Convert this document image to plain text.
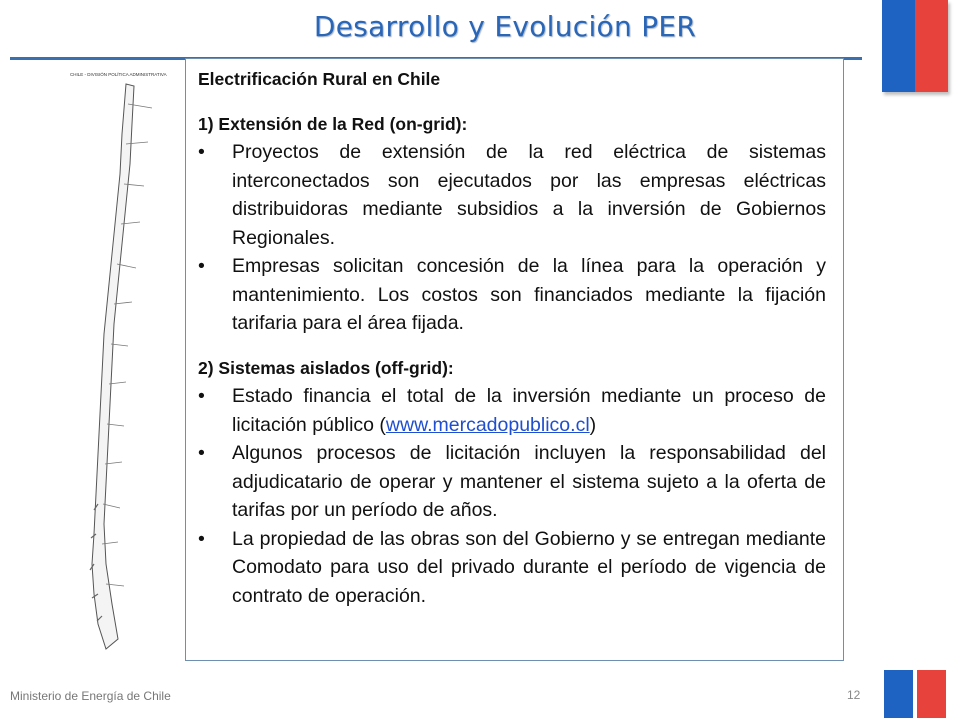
Desarrollo y Evolución PER
CHILE - DIVISIÓN POLÍTICA ADMINISTRATIVA Electrificación Rural en Chile

1) Extensión de la Red (on-grid):

• Proyectos de extensión de la red eléctrica de sistemas interconectados son ejecutados por las empresas eléctricas distribuidoras mediante subsidios a la inversión de Gobiernos Regionales.
• Empresas solicitan concesión de la línea para la operación y mantenimiento. Los costos son financiados mediante la fijación tarifaria para el área fijada.

2) Sistemas aislados (off-grid):

• Estado financia el total de la inversión mediante un proceso de licitación público (www.mercadopublico.cl)
• Algunos procesos de licitación incluyen la responsabilidad del adjudicatario de operar y mantener el sistema sujeto a la oferta de tarifas por un período de años.
• La propiedad de las obras son del Gobierno y se entregan mediante Comodato para uso del privado durante el período de vigencia de contrato de operación.
Ministerio de Energía de Chile	12
